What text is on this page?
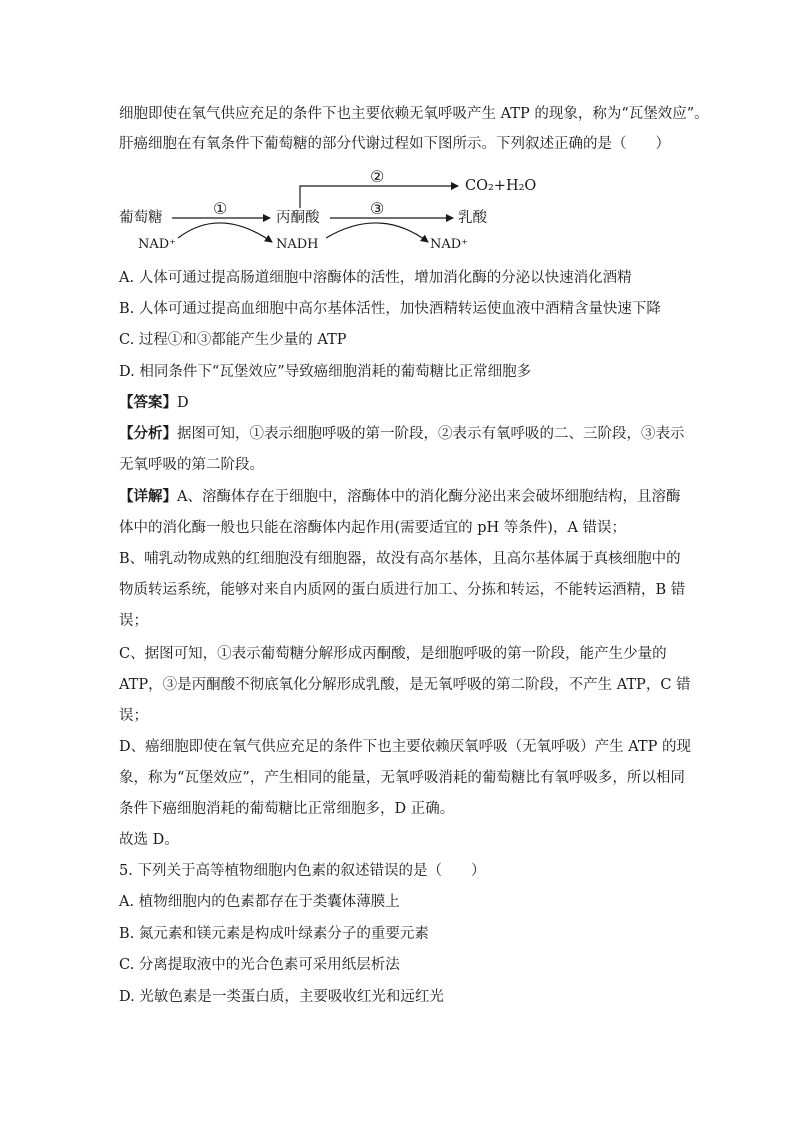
细胞即使在氧气供应充足的条件下也主要依赖无氧呼吸产生 ATP 的现象，称为“瓦堡效应”。
肝癌细胞在有氧条件下葡萄糖的部分代谢过程如下图所示。下列叙述正确的是（　　）
②	CO₂+H₂O
①	③
葡萄糖	丙酮酸	乳酸
NAD⁺	NADH	NAD⁺
A. 人体可通过提高肠道细胞中溶酶体的活性，增加消化酶的分泌以快速消化酒精
B. 人体可通过提高血细胞中高尔基体活性，加快酒精转运使血液中酒精含量快速下降
C. 过程①和③都能产生少量的 ATP
D. 相同条件下“瓦堡效应”导致癌细胞消耗的葡萄糖比正常细胞多
【答案】D
【分析】据图可知，①表示细胞呼吸的第一阶段，②表示有氧呼吸的二、三阶段，③表示
无氧呼吸的第二阶段。
【详解】A、溶酶体存在于细胞中，溶酶体中的消化酶分泌出来会破坏细胞结构，且溶酶
体中的消化酶一般也只能在溶酶体内起作用(需要适宜的 pH 等条件)，A 错误；
B、哺乳动物成熟的红细胞没有细胞器，故没有高尔基体，且高尔基体属于真核细胞中的
物质转运系统，能够对来自内质网的蛋白质进行加工、分拣和转运，不能转运酒精，B 错
误；
C、据图可知，①表示葡萄糖分解形成丙酮酸，是细胞呼吸的第一阶段，能产生少量的
ATP，③是丙酮酸不彻底氧化分解形成乳酸，是无氧呼吸的第二阶段，不产生 ATP，C 错
误；
D、癌细胞即使在氧气供应充足的条件下也主要依赖厌氧呼吸（无氧呼吸）产生 ATP 的现
象，称为“瓦堡效应”，产生相同的能量，无氧呼吸消耗的葡萄糖比有氧呼吸多，所以相同
条件下癌细胞消耗的葡萄糖比正常细胞多，D 正确。
故选 D。
5. 下列关于高等植物细胞内色素的叙述错误的是（　　）
A. 植物细胞内的色素都存在于类囊体薄膜上
B. 氮元素和镁元素是构成叶绿素分子的重要元素
C. 分离提取液中的光合色素可采用纸层析法
D. 光敏色素是一类蛋白质，主要吸收红光和远红光
